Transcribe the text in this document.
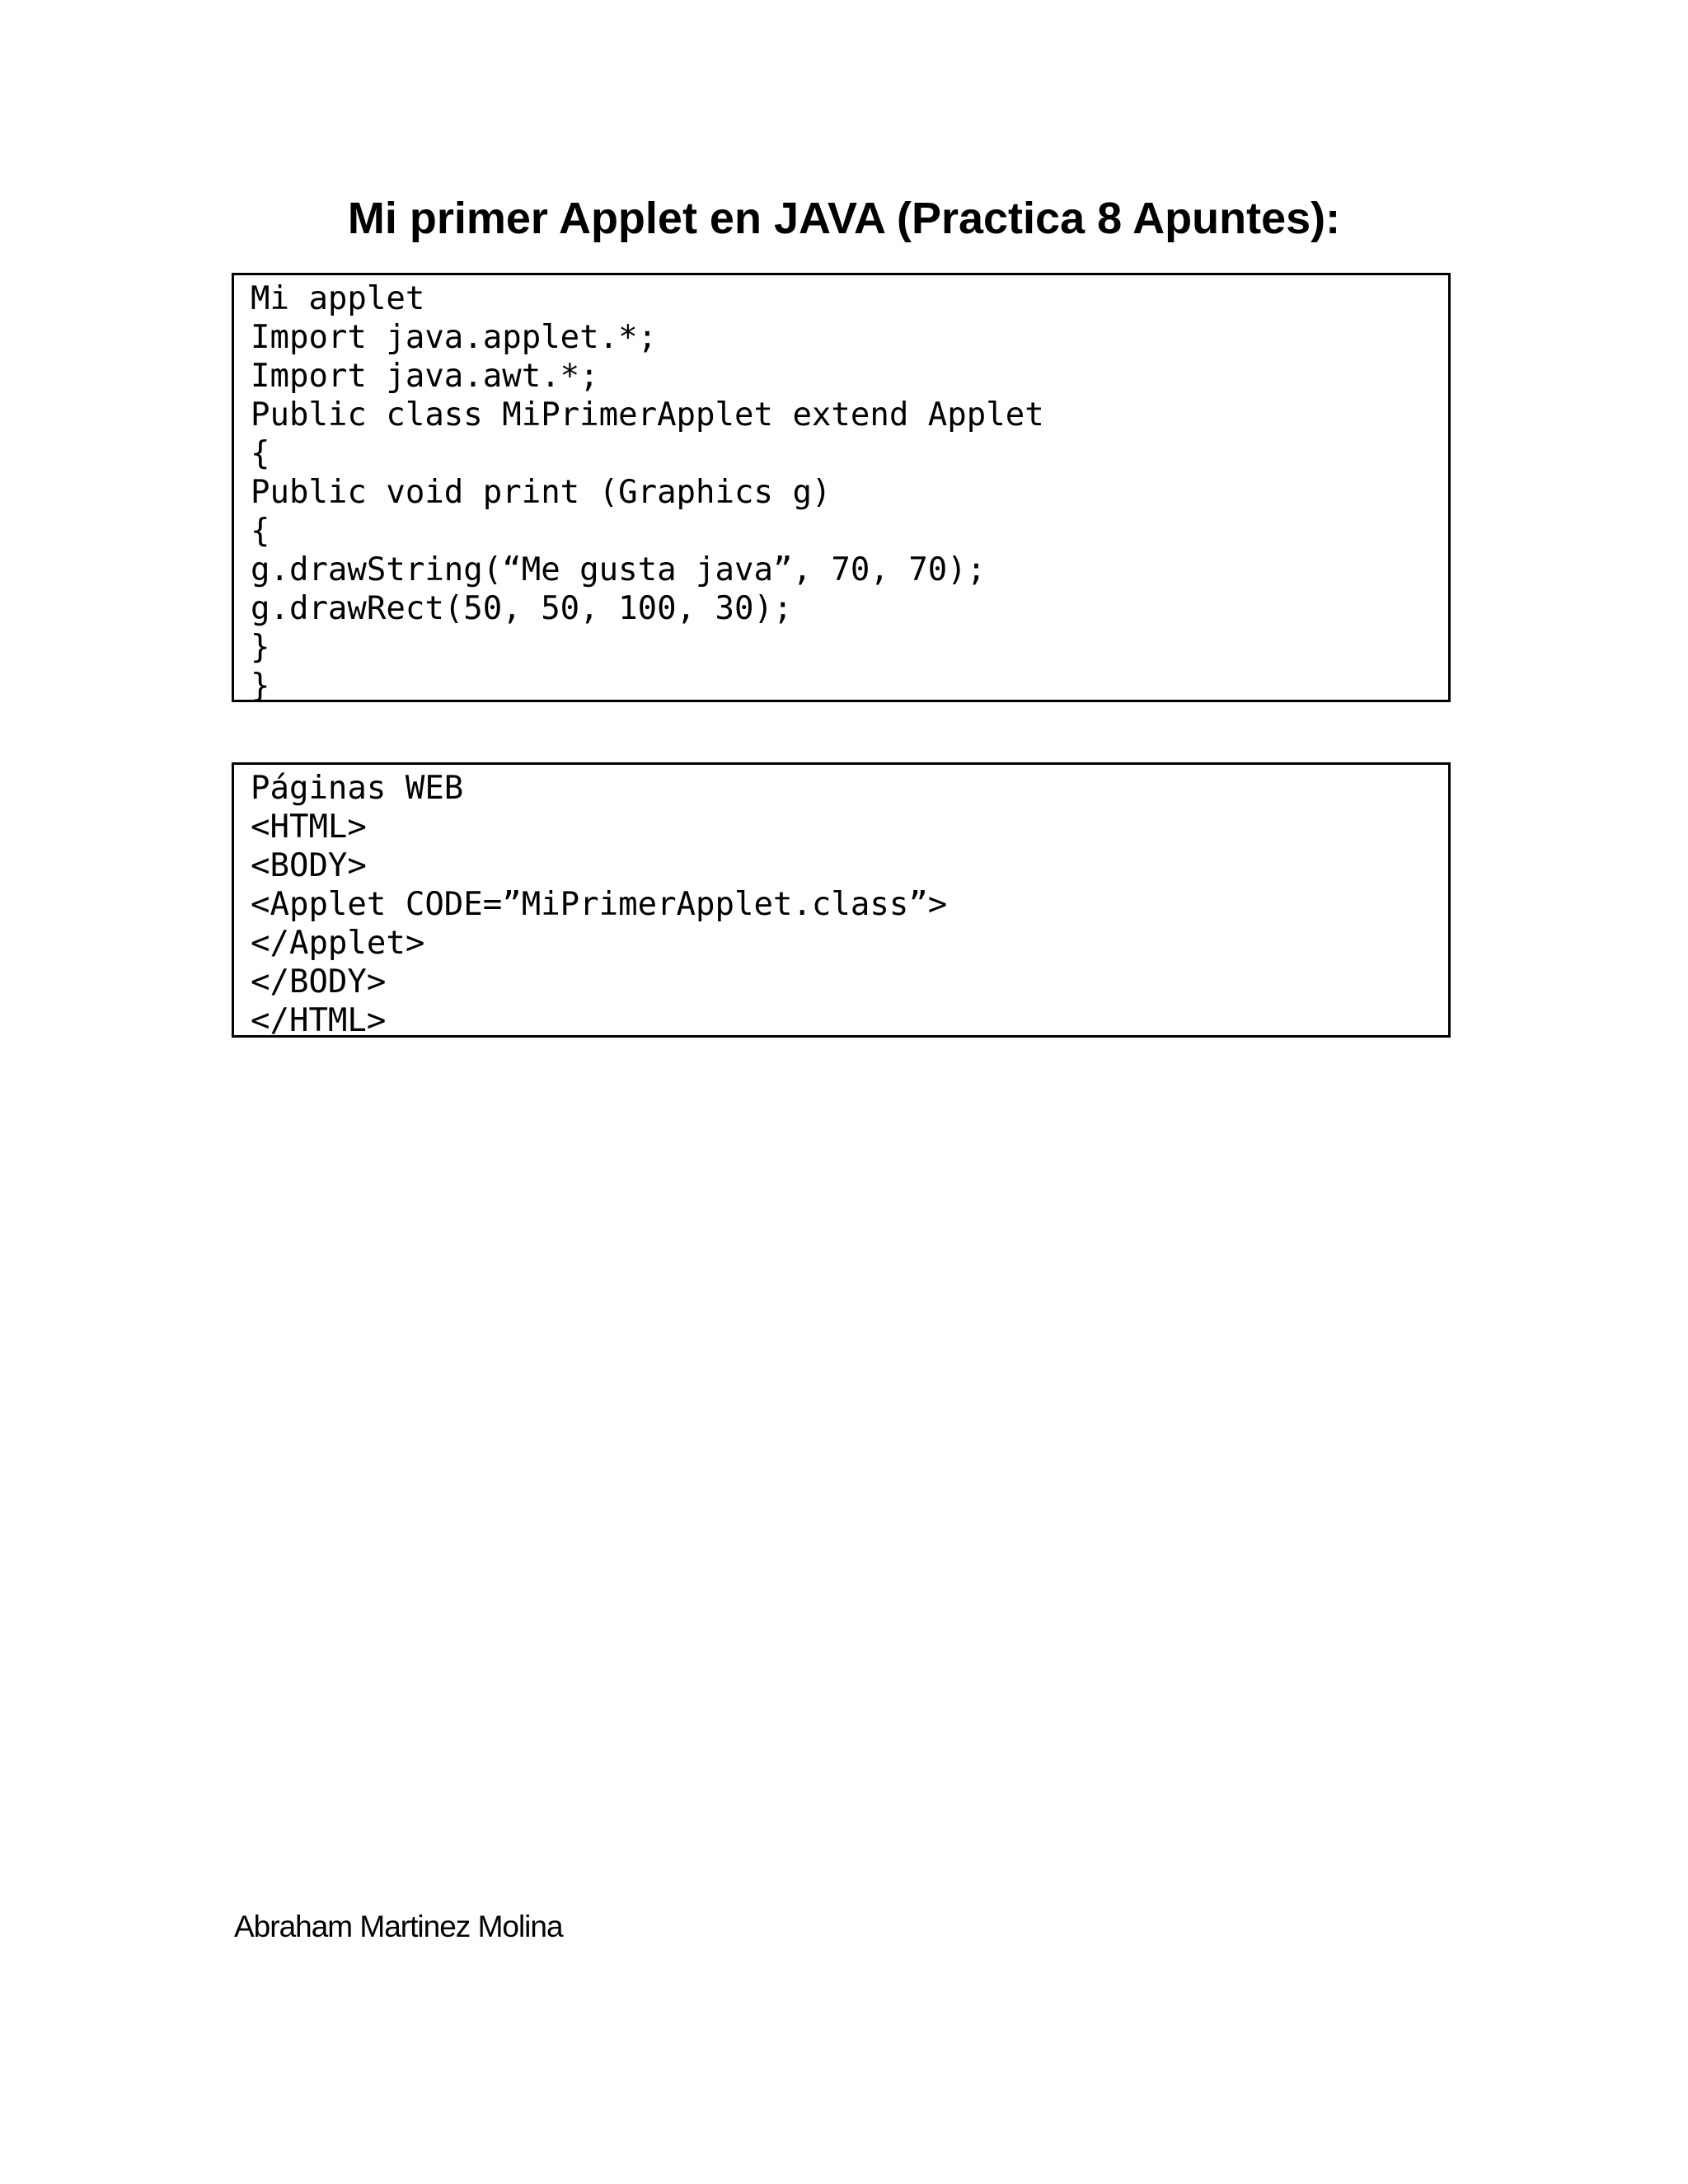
Mi primer Applet en JAVA (Practica 8 Apuntes):
Mi applet
Import java.applet.*;
Import java.awt.*;
Public class MiPrimerApplet extend Applet
{
Public void print (Graphics g)
{
g.drawString(“Me gusta java”, 70, 70);
g.drawRect(50, 50, 100, 30);
}
}
Páginas WEB
<HTML>
<BODY>
<Applet CODE=”MiPrimerApplet.class”>
</Applet>
</BODY>
</HTML>
Abraham Martinez Molina
